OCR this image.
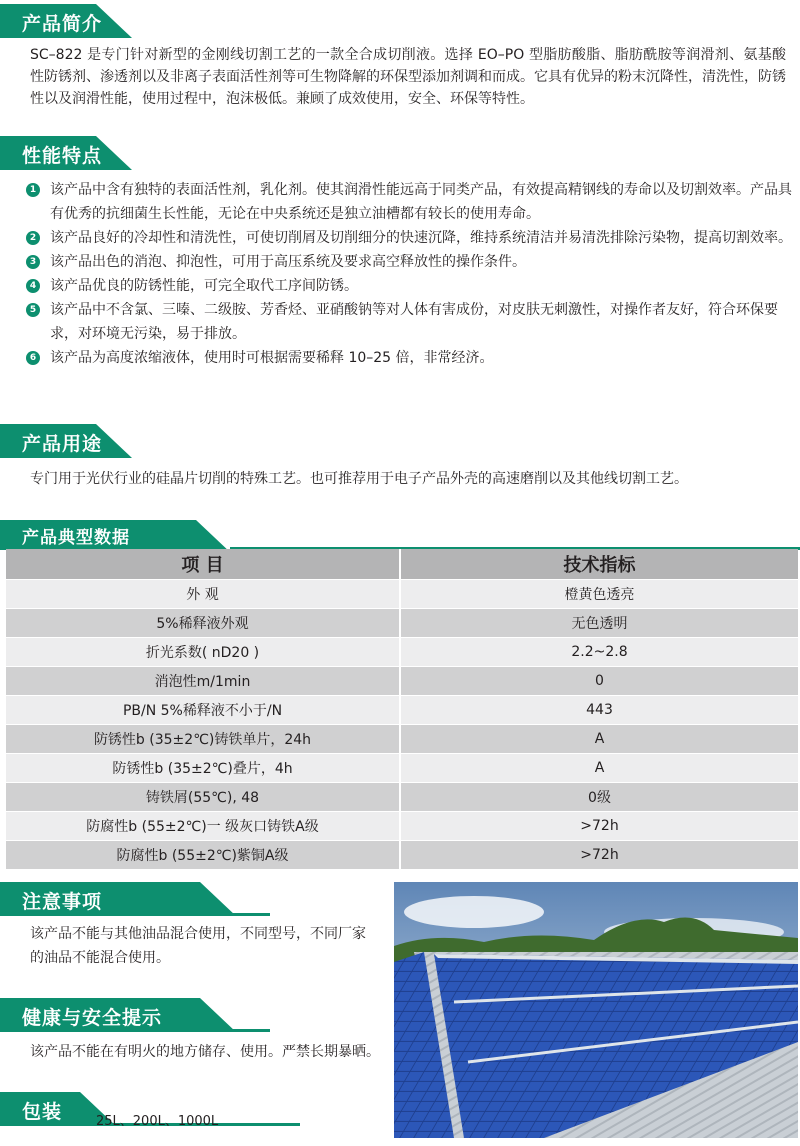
产品简介
SC–822 是专门针对新型的金刚线切割工艺的一款全合成切削液。选择 EO–PO 型脂肪酸脂、脂肪酰胺等润滑剂、氨基酸性防锈剂、渗透剂以及非离子表面活性剂等可生物降解的环保型添加剂调和而成。它具有优异的粉末沉降性，清洗性，防锈性以及润滑性能，使用过程中，泡沫极低。兼顾了成效使用，安全、环保等特性。
性能特点
1 该产品中含有独特的表面活性剂，乳化剂。使其润滑性能远高于同类产品，有效提高精钢线的寿命以及切割效率。产品具有优秀的抗细菌生长性能，无论在中央系统还是独立油槽都有较长的使用寿命。
2 该产品良好的冷却性和清洗性，可使切削屑及切削细分的快速沉降，维持系统清洁并易清洗排除污染物，提高切割效率。
3 该产品出色的消泡、抑泡性，可用于高压系统及要求高空释放性的操作条件。
4 该产品优良的防锈性能，可完全取代工序间防锈。
5 该产品中不含氯、三嗪、二级胺、芳香烃、亚硝酸钠等对人体有害成份，对皮肤无刺激性，对操作者友好，符合环保要求，对环境无污染，易于排放。
6 该产品为高度浓缩液体，使用时可根据需要稀释 10–25 倍，非常经济。
产品用途
专门用于光伏行业的硅晶片切削的特殊工艺。也可推荐用于电子产品外壳的高速磨削以及其他线切割工艺。
产品典型数据
项 目	技术指标
外 观	橙黄色透亮
5%稀释液外观	无色透明
折光系数( nD20 )	2.2~2.8
消泡性m/1min	0
PB/N 5%稀释液不小于/N	443
防锈性b (35±2℃)铸铁单片，24h	A
防锈性b (35±2℃)叠片，4h	A
铸铁屑(55℃), 48	0级
防腐性b (55±2℃)一 级灰口铸铁A级	>72h
防腐性b (55±2℃)紫铜A级	>72h
注意事项
该产品不能与其他油品混合使用，不同型号，不同厂家的油品不能混合使用。
健康与安全提示
该产品不能在有明火的地方储存、使用。严禁长期暴晒。
包装	25L、200L、1000L
